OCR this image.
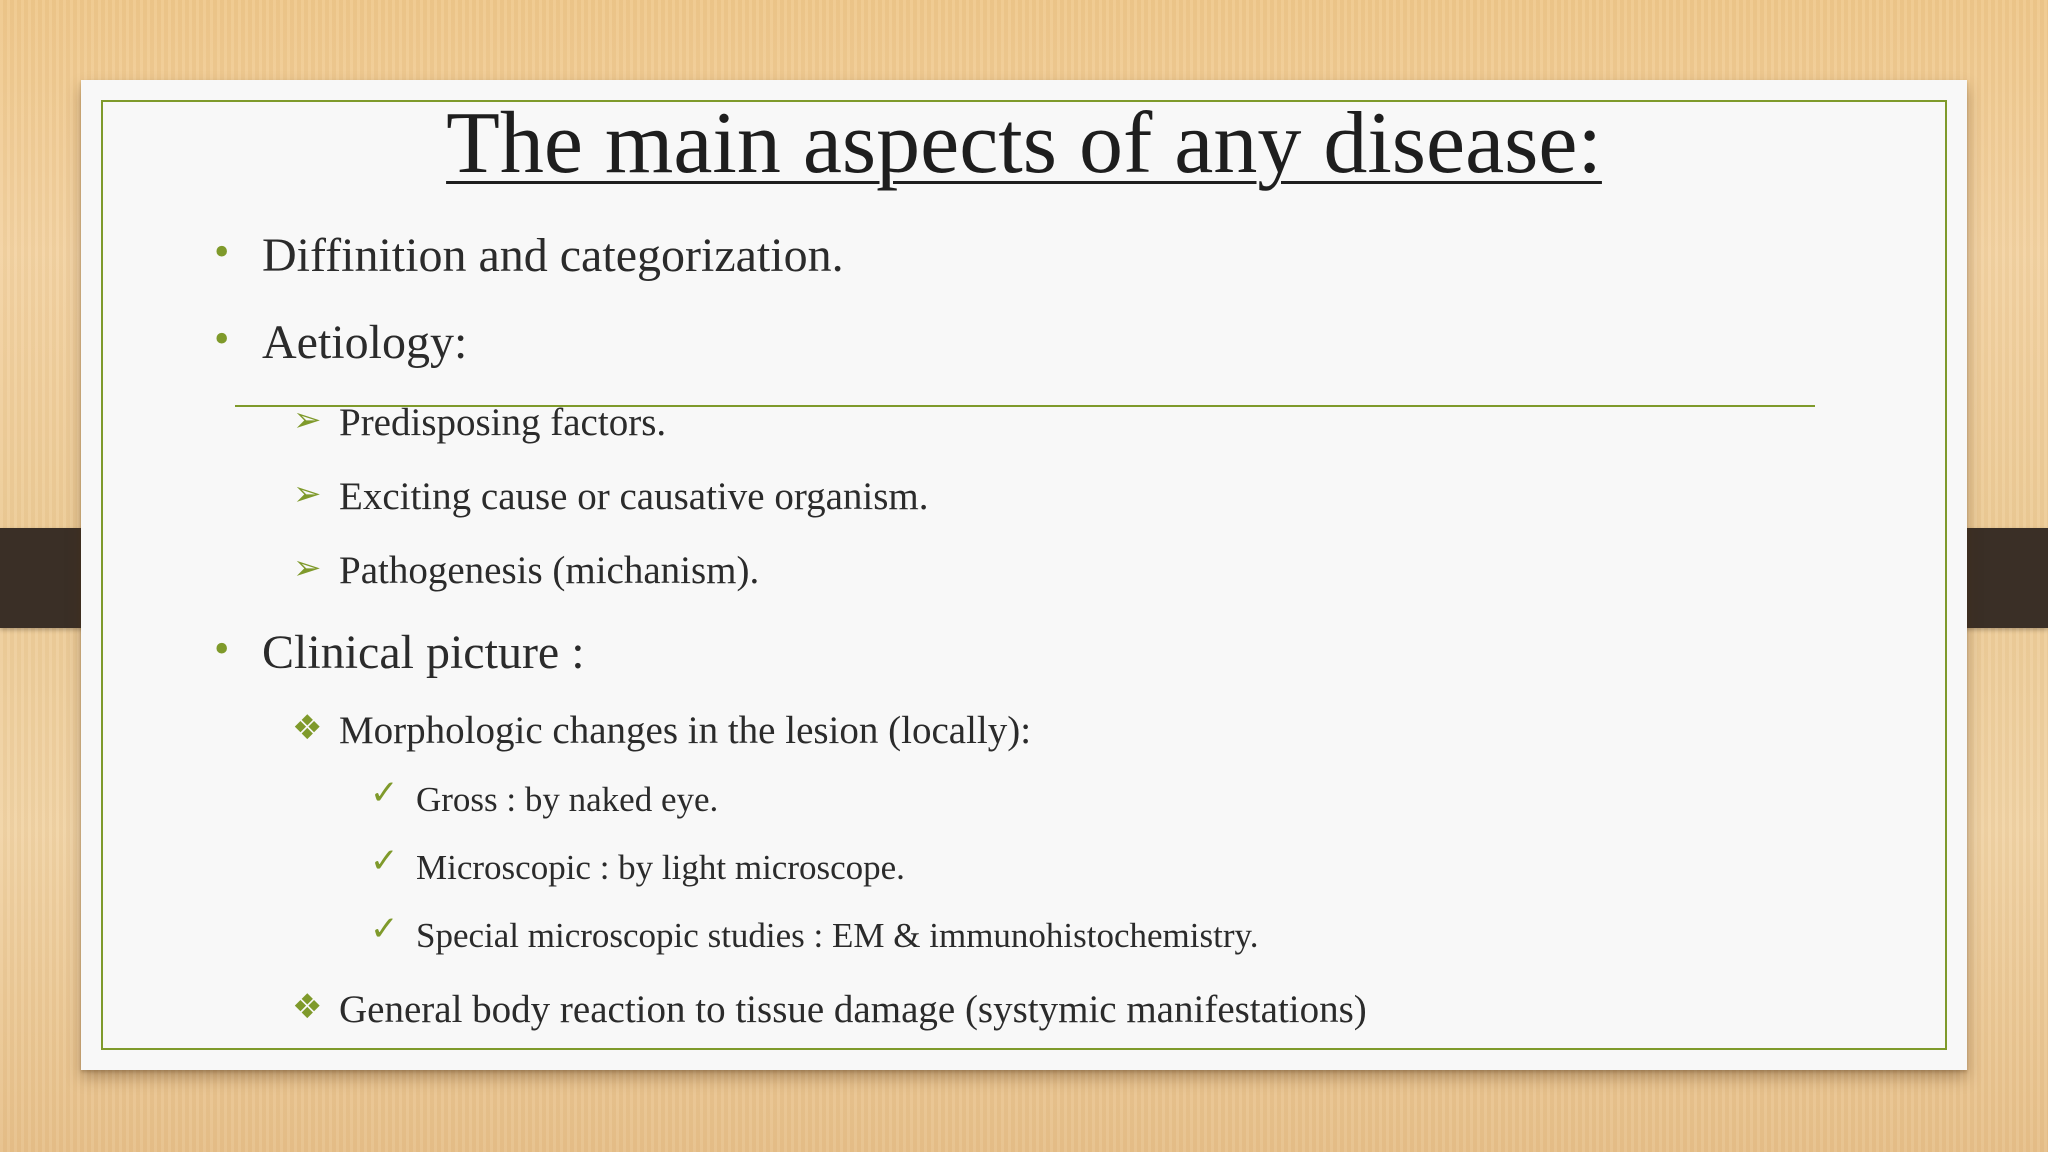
The main aspects of any disease:
• Diffinition and categorization.
• Aetiology:
➢ Predisposing factors.
➢ Exciting cause or causative organism.
➢ Pathogenesis (michanism).
• Clinical picture :
❖ Morphologic changes in the lesion (locally):
✓ Gross : by naked eye.
✓ Microscopic : by light microscope.
✓ Special microscopic studies : EM & immunohistochemistry.
❖ General body reaction to tissue damage (systymic manifestations)
